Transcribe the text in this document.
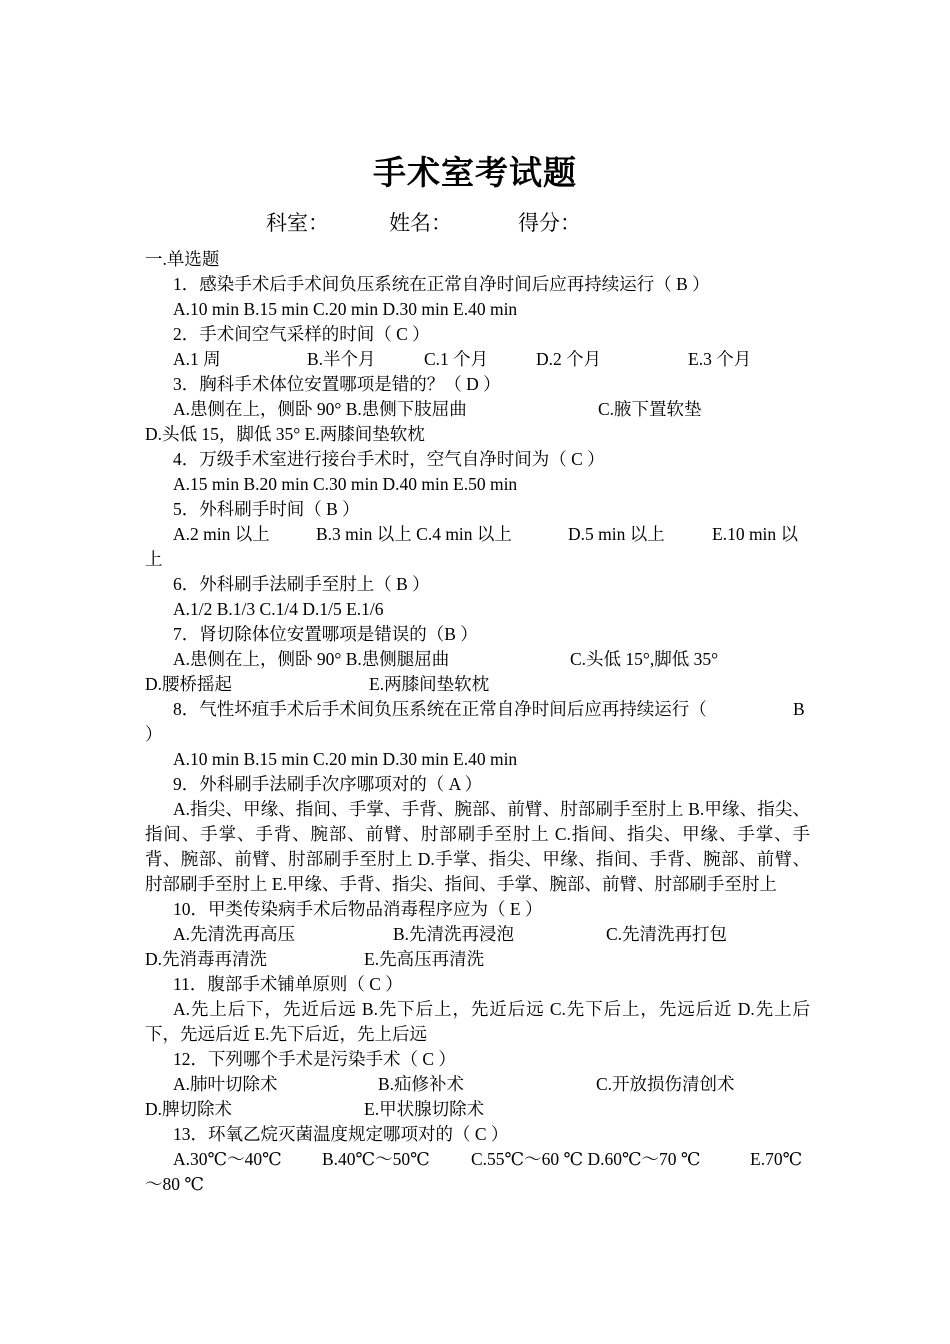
手术室考试题
科室：	姓名：	得分：
一.单选题
1．感染手术后手术间负压系统在正常自净时间后应再持续运行（ B ）
A.10 min B.15 min C.20 min D.30 min E.40 min
2．手术间空气采样的时间（ C ）
A.1 周	B.半个月	C.1 个月	D.2 个月	E.3 个月
3．胸科手术体位安置哪项是错的？（ D ）
A.患侧在上，侧卧 90° B.患侧下肢屈曲	C.腋下置软垫
D.头低 15，脚低 35° E.两膝间垫软枕
4．万级手术室进行接台手术时，空气自净时间为（ C ）
A.15 min B.20 min C.30 min D.40 min E.50 min
5．外科刷手时间（ B ）
A.2 min 以上	B.3 min 以上 C.4 min 以上	D.5 min 以上	E.10 min 以
上
6．外科刷手法刷手至肘上（ B ）
A.1/2 B.1/3 C.1/4 D.1/5 E.1/6
7．肾切除体位安置哪项是错误的（B ）
A.患侧在上，侧卧 90° B.患侧腿屈曲	C.头低 15°,脚低 35°
D.腰桥摇起	E.两膝间垫软枕
8．气性坏疽手术后手术间负压系统在正常自净时间后应再持续运行（	B
）
A.10 min B.15 min C.20 min D.30 min E.40 min
9．外科刷手法刷手次序哪项对的（ A ）
A.指尖、甲缘、指间、手掌、手背、腕部、前臂、肘部刷手至肘上 B.甲缘、指尖、指间、手掌、手背、腕部、前臂、肘部刷手至肘上 C.指间、指尖、甲缘、手掌、手背、腕部、前臂、肘部刷手至肘上 D.手掌、指尖、甲缘、指间、手背、腕部、前臂、肘部刷手至肘上 E.甲缘、手背、指尖、指间、手掌、腕部、前臂、肘部刷手至肘上
10．甲类传染病手术后物品消毒程序应为（ E ）
A.先清洗再高压	B.先清洗再浸泡	C.先清洗再打包
D.先消毒再清洗	E.先高压再清洗
11．腹部手术铺单原则（ C ）
A.先上后下，先近后远 B.先下后上，先近后远 C.先下后上，先远后近 D.先上后下，先远后近 E.先下后近，先上后远
12．下列哪个手术是污染手术（ C ）
A.肺叶切除术	B.疝修补术	C.开放损伤清创术
D.脾切除术	E.甲状腺切除术
13．环氧乙烷灭菌温度规定哪项对的（ C ）
A.30℃～40℃ B.40℃～50℃ C.55℃～60 ℃ D.60℃～70 ℃	E.70℃
～80 ℃
